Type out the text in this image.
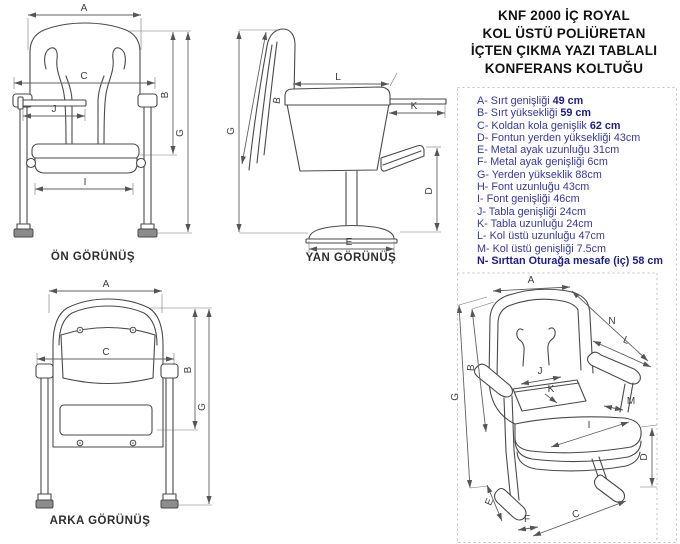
A
C
J
I
B
G	G
B
L
K
D
E
A
C
B
G
A
N
L
B
G	M
D
E
F	C
J
K
I
KNF 2000 İÇ ROYAL
KOL ÜSTÜ POLİÜRETAN
İÇTEN ÇIKMA YAZI TABLALI
KONFERANS KOLTUĞU
A- Sırt genişliği 49 cm
B- Sırt yüksekliği 59 cm
C- Koldan kola genişlik 62 cm
D- Fontun yerden yüksekliği 43cm
E- Metal ayak uzunluğu 31cm
F- Metal ayak genişliği 6cm
G- Yerden yükseklik 88cm
H- Font uzunluğu 43cm
I- Font genişliği 46cm
J- Tabla genişliği 24cm
K- Tabla uzunluğu 24cm
L- Kol üstü uzunluğu 47cm
M- Kol üstü genişliği 7.5cm
N- Sırttan Oturağa mesafe (iç) 58 cm
ÖN GÖRÜNÜŞ	YAN GÖRÜNÜŞ
ARKA GÖRÜNÜŞ
